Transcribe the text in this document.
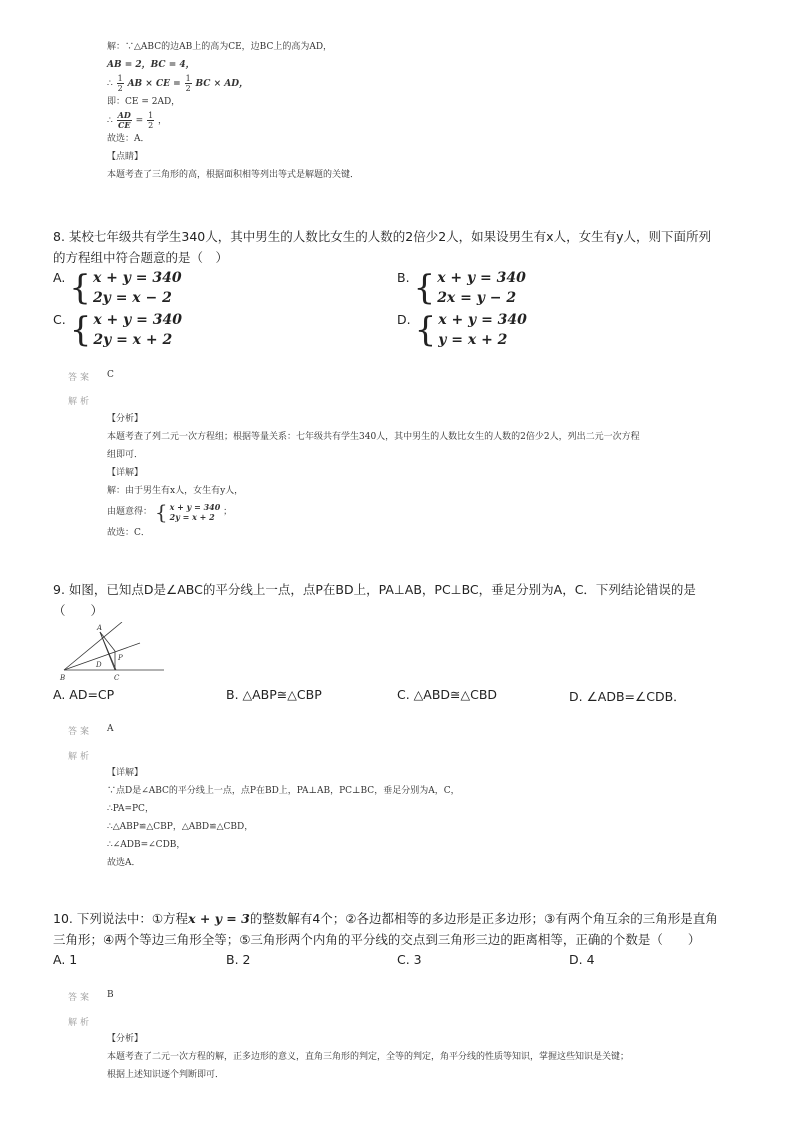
解：∵△ABC的边AB上的高为CE，边BC上的高为AD，
AB = 2，BC = 4，
∴ $\frac{1}{2}$ AB × CE = $\frac{1}{2}$ BC × AD，
即：CE = 2AD，
∴ $\frac{AD}{CE} = \frac{1}{2}$ ，
故选：A．
【点睛】
本题考查了三角形的高，根据面积相等列出等式是解题的关键．
8. 某校七年级共有学生340人，其中男生的人数比女生的人数的2倍少2人，如果设男生有x人，女生有y人，则下面所列
的方程组中符合题意的是（　）
A. { x + y = 340
2y = x − 2
B. { x + y = 340
2x = y − 2
C. { x + y = 340
2y = x + 2
D. { x + y = 340
y = x + 2
答案 C
解析
【分析】
本题考查了列二元一次方程组；根据等量关系：七年级共有学生340人，其中男生的人数比女生的人数的2倍少2人，列出二元一次方程
组即可．
【详解】
解：由于男生有x人，女生有y人，
由题意得： { x + y = 340
2y = x + 2 ；
故选：C．
9. 如图，已知点D是∠ABC的平分线上一点，点P在BD上，PA⊥AB，PC⊥BC，垂足分别为A，C．下列结论错误的是
（　　）
A
B	C
D
P
A. AD=CP	B. △ABP≅△CBP	C. △ABD≅△CBD	D. ∠ADB=∠CDB．
答案 A
解析
【详解】
∵点D是∠ABC的平分线上一点，点P在BD上，PA⊥AB，PC⊥BC，垂足分别为A，C，
∴PA=PC，
∴△ABP≌△CBP，△ABD≌△CBD，
∴∠ADB=∠CDB，
故选A．
10. 下列说法中：①方程x + y = 3的整数解有4个；②各边都相等的多边形是正多边形；③有两个角互余的三角形是直角
三角形；④两个等边三角形全等；⑤三角形两个内角的平分线的交点到三角形三边的距离相等，正确的个数是（　　）
A. 1	B. 2	C. 3	D. 4
答案 B
解析
【分析】
本题考查了二元一次方程的解，正多边形的意义，直角三角形的判定，全等的判定，角平分线的性质等知识，掌握这些知识是关键；
根据上述知识逐个判断即可．
